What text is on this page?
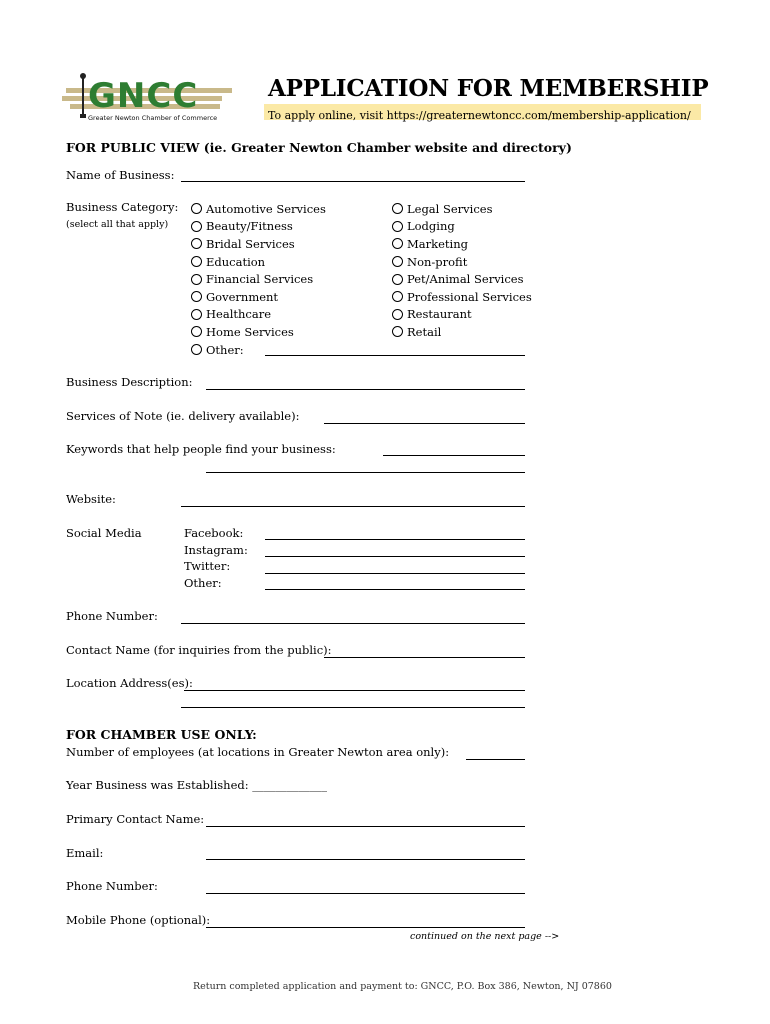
GNCC
Greater Newton Chamber of Commerce
APPLICATION FOR MEMBERSHIP
To apply online, visit https://greaternewtoncc.com/membership-application/
FOR PUBLIC VIEW (ie. Greater Newton Chamber website and directory)
Name of Business:
Business Category:
(select all that apply)
Automotive Services
Beauty/Fitness
Bridal Services
Education
Financial Services
Government
Healthcare
Home Services
Other:
Legal Services
Lodging
Marketing
Non-profit
Pet/Animal Services
Professional Services
Restaurant
Retail
Business Description:
Services of Note (ie. delivery available):
Keywords that help people find your business:
Website:
Social Media	Facebook:
Instagram:
Twitter:
Other:
Phone Number:
Contact Name (for inquiries from the public):
Location Address(es):
FOR CHAMBER USE ONLY:
Number of employees (at locations in Greater Newton area only):
Year Business was Established: _____________
Primary Contact Name:
Email:
Phone Number:
Mobile Phone (optional):
continued on the next page -->
Return completed application and payment to: GNCC, P.O. Box 386, Newton, NJ 07860
